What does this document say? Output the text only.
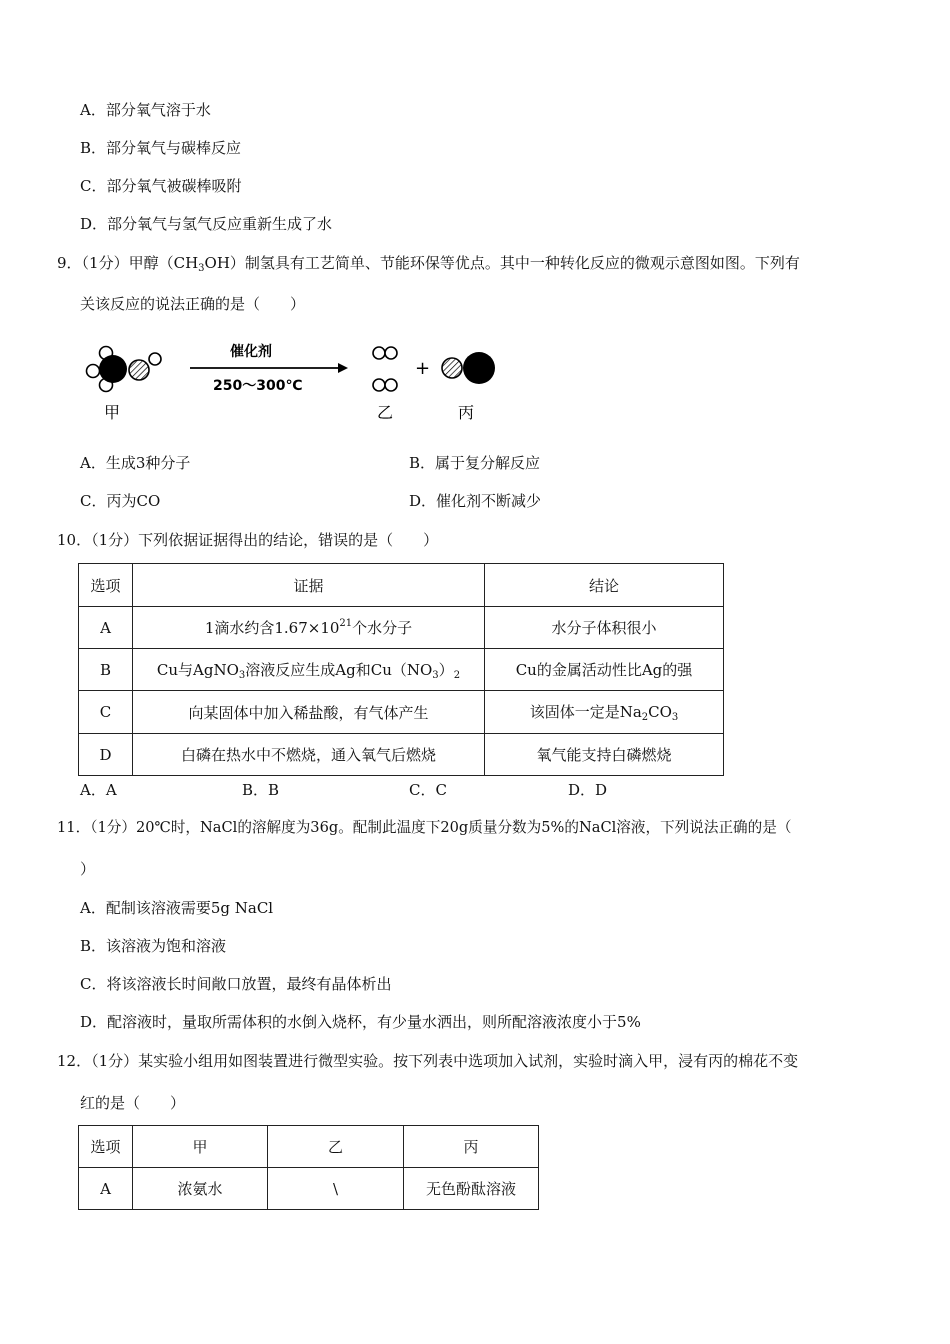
A．部分氧气溶于水
B．部分氧气与碳棒反应
C．部分氧气被碳棒吸附
D．部分氧气与氢气反应重新生成了水
9．（1分）甲醇$(CH_3OH)$制氢具有工艺简单、节能环保等优点。其中一种转化反应的微观示意图如图。下列有
关该反应的说法正确的是（　　）
甲
催化剂
250～300℃
乙
+
丙
A．生成3种分子	B．属于复分解反应
C．丙为CO	D．催化剂不断减少
10．（1分）下列依据证据得出的结论，错误的是（　　）
选项	证据	结论
A	1滴水约含$1.67\times 10^{21}$个水分子	水分子体积很小
B	Cu与AgNO$_3$溶液反应生成Ag和$Cu(NO_3)_2$	Cu的金属活动性比Ag的强
C	向某固体中加入稀盐酸，有气体产生	该固体一定是$Na_2CO_3$
D	白磷在热水中不燃烧，通入氧气后燃烧	氧气能支持白磷燃烧
A．A	B．B	C．C	D．D
11．（1分）20℃时，NaCl的溶解度为36g。配制此温度下20g质量分数为5%的NaCl溶液，下列说法正确的是（
）
A．配制该溶液需要5g NaCl
B．该溶液为饱和溶液
C．将该溶液长时间敞口放置，最终有晶体析出
D．配溶液时，量取所需体积的水倒入烧杯，有少量水洒出，则所配溶液浓度小于5%
12．（1分）某实验小组用如图装置进行微型实验。按下列表中选项加入试剂，实验时滴入甲，浸有丙的棉花不变
红的是（　　）
选项	甲	乙	丙
A	浓氨水	\	无色酚酞溶液
